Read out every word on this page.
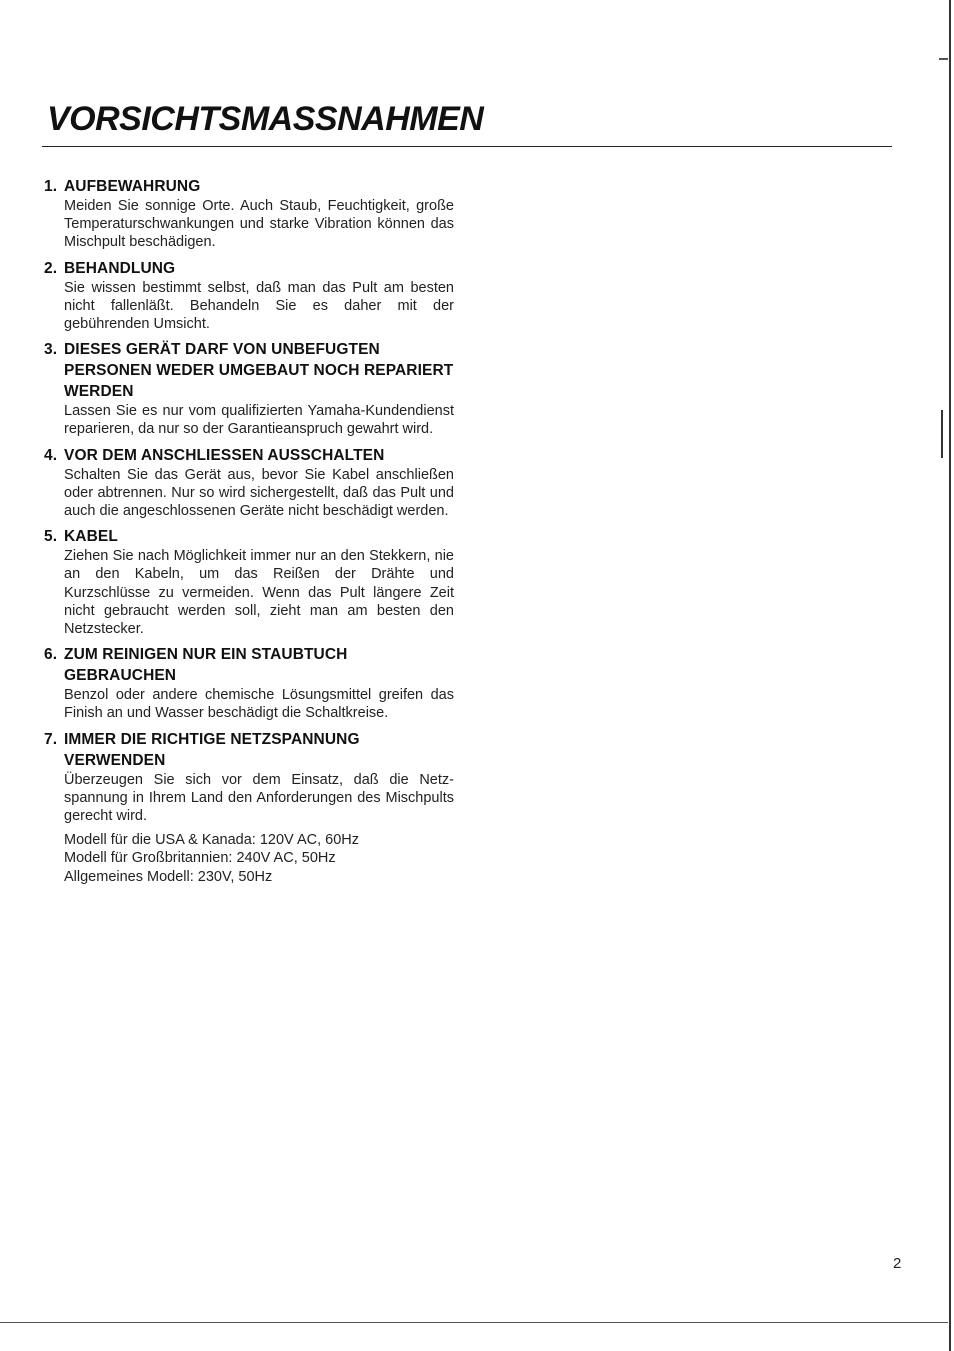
VORSICHTSMASSNAHMEN
1. AUFBEWAHRUNG

Meiden Sie sonnige Orte. Auch Staub, Feuchtigkeit, große Temperaturschwankungen und starke Vibration können das Mischpult beschädigen.

2. BEHANDLUNG

Sie wissen bestimmt selbst, daß man das Pult am besten nicht fallenläßt. Behandeln Sie es daher mit der gebührenden Umsicht.

3. DIESES GERÄT DARF VON UNBEFUGTEN PERSONEN WEDER UMGEBAUT NOCH REPARIERT WERDEN

Lassen Sie es nur vom qualifizierten Yamaha-Kundendienst reparieren, da nur so der Garantieanspruch gewahrt wird.

4. VOR DEM ANSCHLIESSEN AUSSCHALTEN

Schalten Sie das Gerät aus, bevor Sie Kabel anschließen oder abtrennen. Nur so wird sichergestellt, daß das Pult und auch die angeschlossenen Geräte nicht beschädigt werden.

5. KABEL

Ziehen Sie nach Möglichkeit immer nur an den Stekkern, nie an den Kabeln, um das Reißen der Drähte und Kurzschlüsse zu vermeiden. Wenn das Pult längere Zeit nicht gebraucht werden soll, zieht man am besten den Netzstecker.

6. ZUM REINIGEN NUR EIN STAUBTUCH GEBRAUCHEN

Benzol oder andere chemische Lösungsmittel greifen das Finish an und Wasser beschädigt die Schaltkreise.

7. IMMER DIE RICHTIGE NETZSPANNUNG VERWENDEN

Überzeugen Sie sich vor dem Einsatz, daß die Netzspannung in Ihrem Land den Anforderungen des Mischpults gerecht wird.

Modell für die USA & Kanada: 120V AC, 60Hz
Modell für Großbritannien: 240V AC, 50Hz
Allgemeines Modell: 230V, 50Hz
2
